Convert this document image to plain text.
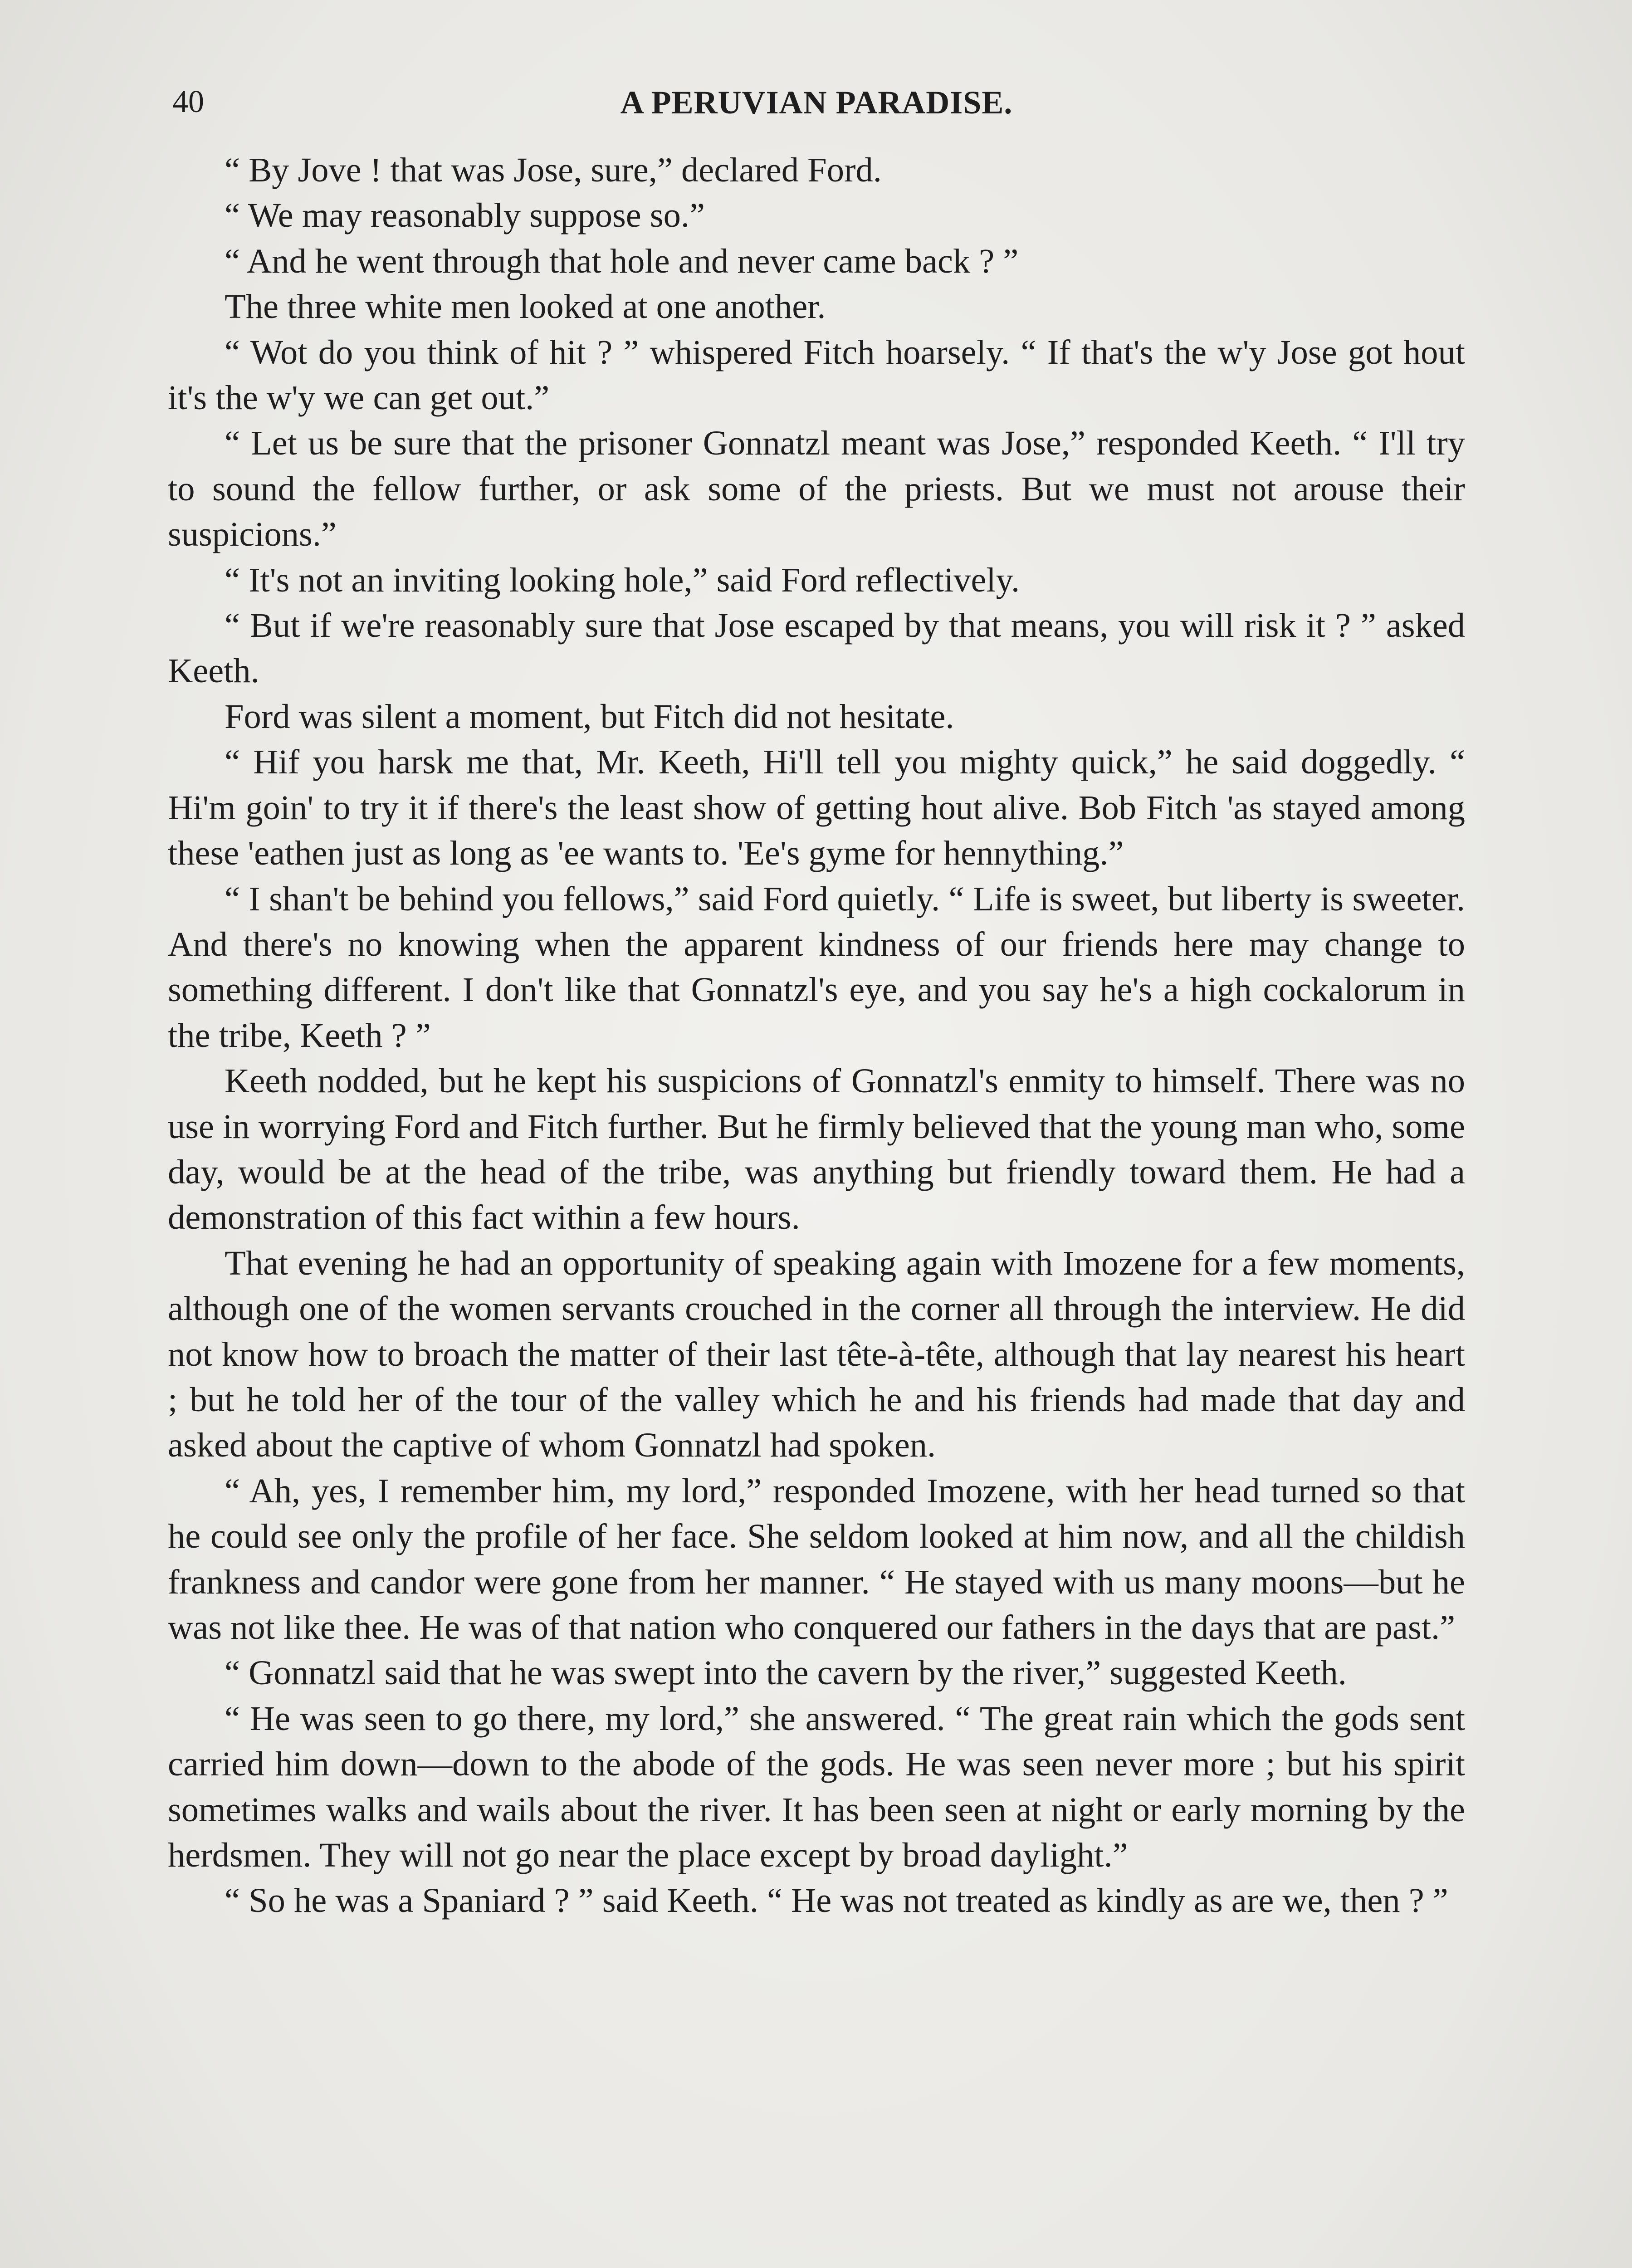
40	A PERUVIAN PARADISE.

“ By Jove ! that was Jose, sure,” declared Ford.

“ We may reasonably suppose so.”

“ And he went through that hole and never came back ? ”

The three white men looked at one another.

“ Wot do you think of hit ? ” whispered Fitch hoarsely. “ If that's the w'y Jose got hout it's the w'y we can get out.”

“ Let us be sure that the prisoner Gonnatzl meant was Jose,” responded Keeth. “ I'll try to sound the fellow further, or ask some of the priests. But we must not arouse their suspicions.”

“ It's not an inviting looking hole,” said Ford reflectively.

“ But if we're reasonably sure that Jose escaped by that means, you will risk it ? ” asked Keeth.

Ford was silent a moment, but Fitch did not hesitate.

“ Hif you harsk me that, Mr. Keeth, Hi'll tell you mighty quick,” he said doggedly. “ Hi'm goin' to try it if there's the least show of getting hout alive. Bob Fitch 'as stayed among these 'eathen just as long as 'ee wants to. 'Ee's gyme for hennything.”

“ I shan't be behind you fellows,” said Ford quietly. “ Life is sweet, but liberty is sweeter. And there's no knowing when the apparent kindness of our friends here may change to something different. I don't like that Gonnatzl's eye, and you say he's a high cockalorum in the tribe, Keeth ? ”

Keeth nodded, but he kept his suspicions of Gonnatzl's enmity to himself. There was no use in worrying Ford and Fitch further. But he firmly believed that the young man who, some day, would be at the head of the tribe, was anything but friendly toward them. He had a demonstration of this fact within a few hours.

That evening he had an opportunity of speaking again with Imozene for a few moments, although one of the women servants crouched in the corner all through the interview. He did not know how to broach the matter of their last tête-à-tête, although that lay nearest his heart ; but he told her of the tour of the valley which he and his friends had made that day and asked about the captive of whom Gonnatzl had spoken.

“ Ah, yes, I remember him, my lord,” responded Imozene, with her head turned so that he could see only the profile of her face. She seldom looked at him now, and all the childish frankness and candor were gone from her manner. “ He stayed with us many moons—but he was not like thee. He was of that nation who conquered our fathers in the days that are past.”

“ Gonnatzl said that he was swept into the cavern by the river,” suggested Keeth.

“ He was seen to go there, my lord,” she answered. “ The great rain which the gods sent carried him down—down to the abode of the gods. He was seen never more ; but his spirit sometimes walks and wails about the river. It has been seen at night or early morning by the herdsmen. They will not go near the place except by broad daylight.”

“ So he was a Spaniard ? ” said Keeth. “ He was not treated as kindly as are we, then ? ”
